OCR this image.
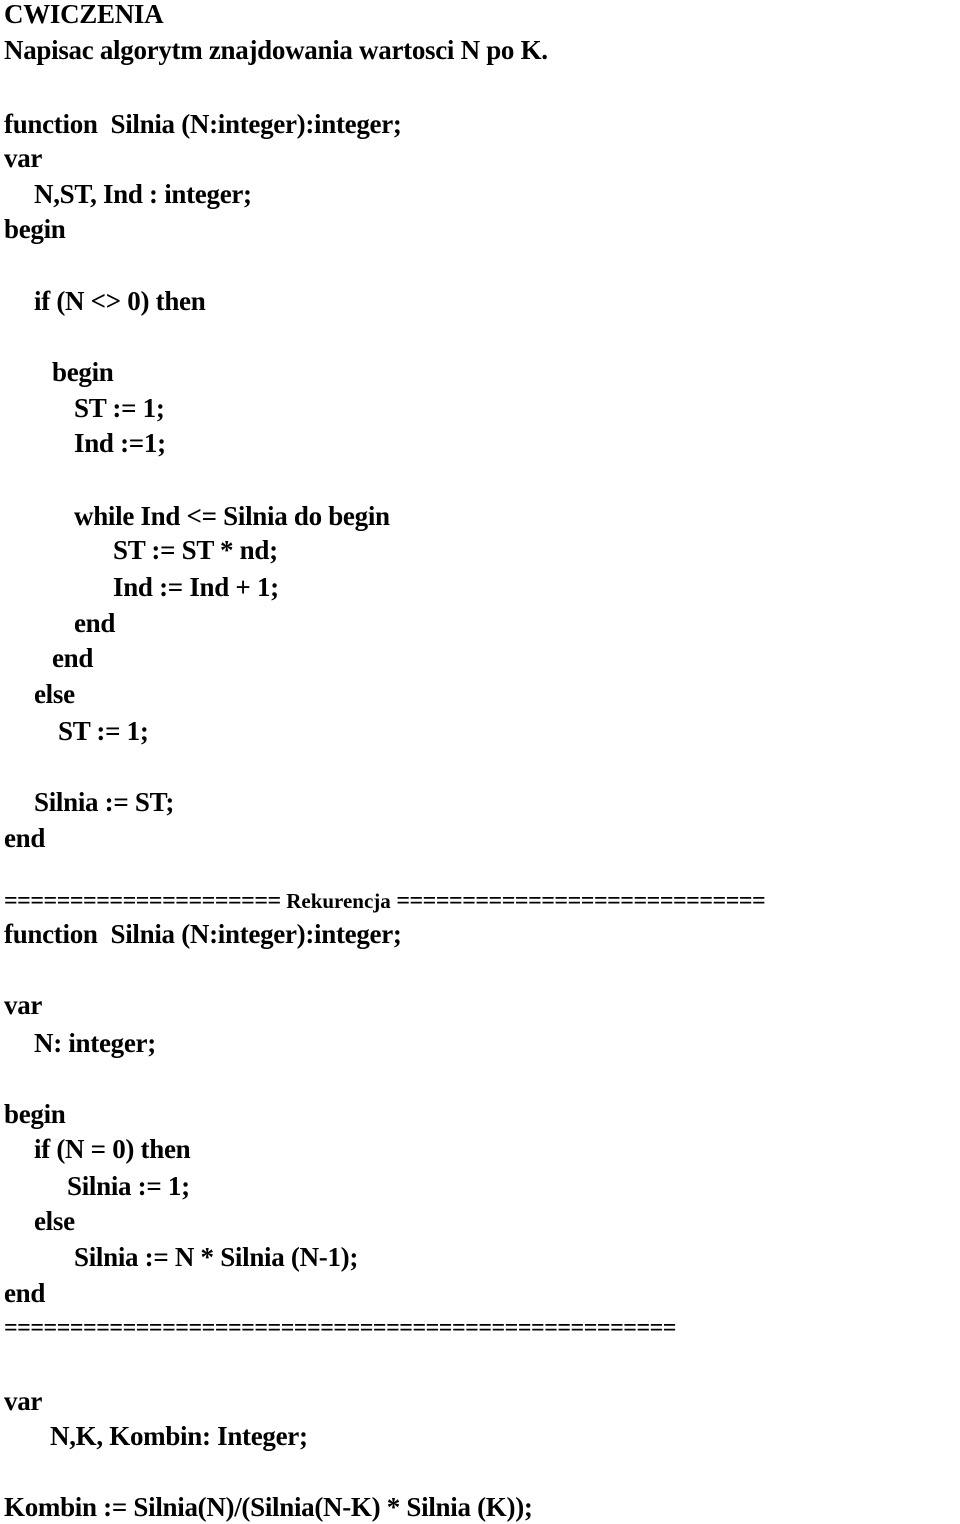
CWICZENIA
Napisac algorytm znajdowania wartosci N po K.
function  Silnia (N:integer):integer;
var
N,ST, Ind : integer;
begin
if (N <> 0) then
begin
ST := 1;
Ind :=1;
while Ind <= Silnia do begin
ST := ST * nd;
Ind := Ind + 1;
end
end
else
ST := 1;
Silnia := ST;
end
===================== Rekurencja ============================
function  Silnia (N:integer):integer;
var
N: integer;
begin
if (N = 0) then
Silnia := 1;
else
Silnia := N * Silnia (N-1);
end
===================================================
var
N,K, Kombin: Integer;
Kombin := Silnia(N)/(Silnia(N-K) * Silnia (K));
